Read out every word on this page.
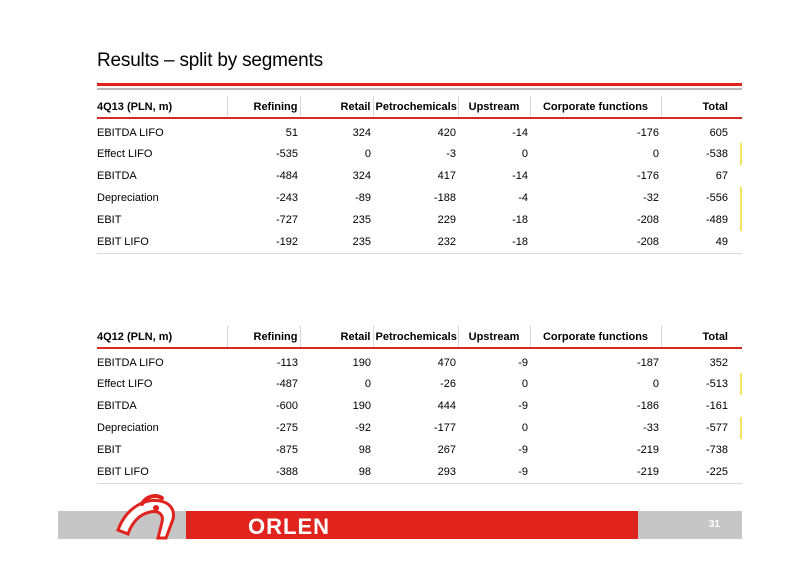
Results – split by segments
4Q13 (PLN, m)	Refining	Retail	Petrochemicals	Upstream	Corporate functions	Total
EBITDA LIFO	51	324	420	-14	-176	605
Effect LIFO	-535	0	-3	0	0	-538
EBITDA	-484	324	417	-14	-176	67
Depreciation	-243	-89	-188	-4	-32	-556
EBIT	-727	235	229	-18	-208	-489
EBIT LIFO	-192	235	232	-18	-208	49
4Q12 (PLN, m)	Refining	Retail	Petrochemicals	Upstream	Corporate functions	Total
EBITDA LIFO	-113	190	470	-9	-187	352
Effect LIFO	-487	0	-26	0	0	-513
EBITDA	-600	190	444	-9	-186	-161
Depreciation	-275	-92	-177	0	-33	-577
EBIT	-875	98	267	-9	-219	-738
EBIT LIFO	-388	98	293	-9	-219	-225
ORLEN	31
